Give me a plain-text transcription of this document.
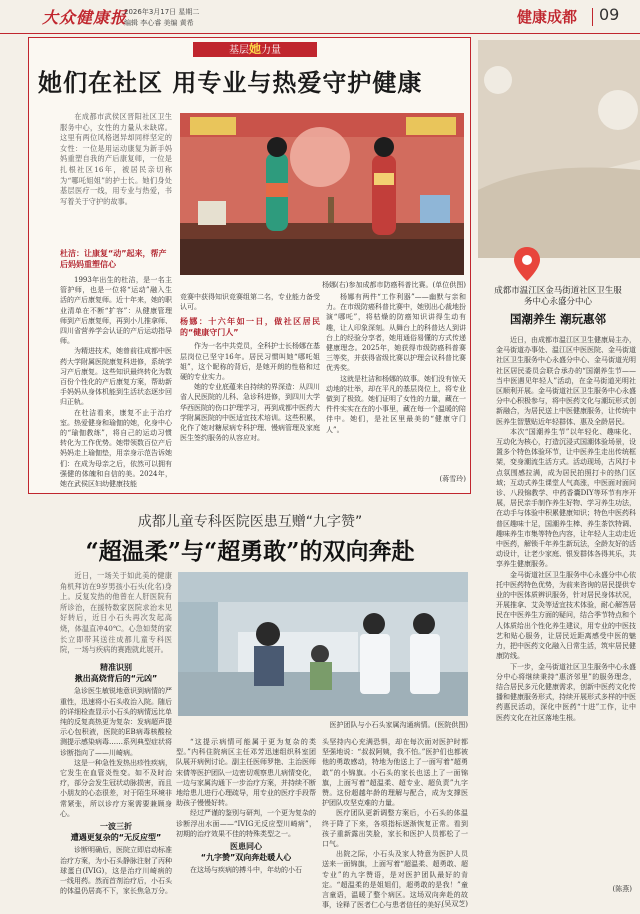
大众健康报
2026年3月17日 星期二
编辑 李心睿 美编 黄希	健康成都 09
基层她力量
她们在社区 用专业与热爱守护健康
在成都市武侯区晋阳社区卫生服务中心，女性的力量从未缺席。这里有两位风格迥异却同样坚定的女性：一位是用运动康复为新手妈妈重塑自我的产后康复师，一位是扎根社区16年，被居民亲切称为“哪吒姐姐”的护士长。她们身处基层医疗一线，用专业与热爱，书写着关于守护的故事。
杨娜(右)参加成都市防癌科普比赛。(单位供图)
杜洁：让康复“动”起来，帮产后妈妈重塑信心

1993年出生的杜洁，是一名主管护师，也是一位将“运动”融入生活的产后康复师。近十年来，她的职业清单在不断“扩容”：从健康管理师到产后康复师，再到小儿推拿师、四川省营养学会认证的产后运动指导师。

为精进技术，她曾前往成都中医药大学附属医院康复科进修，系统学习产后康复。这些知识最终转化为数百份个性化的产后康复方案，帮助新手妈妈从身体机能到生活状态逐步回归正轨。

在杜洁看来，康复不止于治疗室。热爱健身和瑜伽的她，化身中心的“瑜伽教练”，将自己的运动习惯转化为工作优势。她带领数百位产后妈妈走上瑜伽垫，用亲身示范告诉她们：在成为母亲之后，依然可以拥有强健的体魄和自信的美。2024年，她在武侯区妇幼健康技能

竞赛中获得知识竞赛组第二名，专业能力备受认可。

杨娜：十六年如一日，做社区居民的“健康守门人”

作为一名中共党员，全科护士长杨娜在基层岗位已坚守16年。居民习惯叫她“哪吒姐姐”，这个昵称的背后，是她开朗的性格和过硬的专业实力。

她的专业底蕴来自持续的界深造：从四川省人民医院的儿科、急诊科进修，到四川大学华西医院的伤口护理学习，再到成都中医药大学附属医院的中医适宜技术培训。这些积累，化作了她对糖尿病专科护理、慢病管理及家庭医生签约服务的从容应对。

杨娜有两件“工作利器”——幽默与亲和力。在市级防癌科普比赛中，她别出心裁地扮演“哪吒”，将枯燥的防癌知识讲得生动有趣，让人印象深刻。从舞台上的科普达人到讲台上的经验分享者，她用通俗易懂的方式传递健康理念。2025年，她获得市级防癌科普赛三等奖，并获得省级比赛以护理会议科普比赛优秀奖。

这就是杜洁和杨娜的故事。她们没有惊天动地的壮举，却在平凡的基层岗位上，将专业做到了极致。她们证明了女性的力量，藏在一件件实实在在的小事里，藏在每一个温暖的陪伴中。她们，是社区里最美的“健康守门人”。

(蒋雪玲)
成都市温江区金马街道社区卫生服务中心永盛分中心
国潮养生 潮玩惠邻

近日，由成都市温江区卫生健康局主办，金马街道办事处、温江区中医医院、金马街道社区卫生服务中心永盛分中心、金马街道光明社区居民委员会联合承办的“国潮养生节——当中医遇见年轻人”活动，在金马街道光明社区顺利开展。金马街道社区卫生服务中心永盛分中心积极参与，将中医药文化与潮玩形式创新融合，为居民送上中医健康服务，让传统中医养生智慧贴近年轻群体、惠及全龄居民。

本次“国潮养生节”以年轻化、趣味化、互动化为核心，打造沉浸式国潮体验场景，设置多个特色体验环节，让中医养生走出传统框架，变身潮流生活方式。活动现场，古风打卡点氛围感拉满，成为居民拍照打卡的热门区域；互动式养生课堂人气高涨，中医面对面问诊、八段锦教学、中药香囊DIY等环节有序开展，居民亲手制作养生好物、学习养生功法，在动手与体验中积累健康知识；特色中医药科普区趣味十足，国潮养生棒、养生茶饮特调、趣味养生市集等特色内容，让年轻人主动走近中医药，解锁千年养生新玩法，全龄友好的活动设计，让老少家庭、银发群体各得其乐，共享养生健康服务。

金马街道社区卫生服务中心永盛分中心依托中医药特色优势，为前来咨询的居民提供专业的中医体质辨识服务，针对居民身体状况，开展推拿、艾灸等适宜技术体验，耐心解答居民在中医养生方面的疑问，结合季节特点和个人体质给出个性化养生建议，用专业的中医技艺和贴心服务，让居民近距离感受中医的魅力，把中医药文化融入日常生活，筑牢居民健康防线。

下一步，金马街道社区卫生服务中心永盛分中心将继续秉持“惠济邻里”的服务理念，结合居民多元化健康需求，创新中医药文化传播和健康服务形式，持续开展形式多样的中医药惠民活动，深化中医药“十进”工作，让中医药文化在社区落地生根。

(陈燕)
成都儿童专科医院医患互赠“九字赞”
“超温柔”与“超勇敢”的双向奔赴
近日，一场关于如此美的健康角机拜访在9岁男孩小石头(化名)身上。反复发热的他曾在人肝医院有所诊治，在援特数家医院求治未见好转后，近日小石头再次发起高烧，体温直冲40℃。心急如焚的家长立即带其送往成都儿童专科医院，一场与疾病的赛跑就此展开。
医护团队与小石头家属沟通病情。(医院供图)
精准识别
揪出高烧背后的“元凶”

急诊医生敏锐地意识到病情的严重性，迅速将小石头收治入院。随后的详细检查显示小石头的病情远比单纯的反复高热更为复杂：发病超声提示心包积液，医院的EB病毒核酸检测提示感染病毒……系列典型症状将诊断指向了——川崎病。

这是一种急性发热出疹性疾病，它发生在血管炎性变。如不及时治疗，部分会发生冠状动脉损害，而且小朋友的心态很差，对于陌生环境非常紧张，所以诊疗方案需要兼顾身心。

一波三折
遭遇更复杂的“无反应型”

诊断明确后，医院立即启动标准治疗方案，为小石头静脉注射了丙种球蛋白(IVIG)，这是治疗川崎病的一线用药。然而首剂治疗后，小石头的体温仍居高不下，家长焦急万分。

“这提示病情可能属于更为复杂的类型。”内科住院病区主任邓芳迅速组织科室团队展开病例讨论。副主任医师罗艳、主治医师宋倩等医护团队一边密切观察患儿病情变化，一边与家属沟通下一步治疗方案，并持续不断地给患儿进行心理疏导，用专业的医疗手段帮助孩子慢慢好转。

经过严谨的鉴别与研判，一个更为复杂的诊断浮出水面——“IVIG无反应型川崎病”，初期的治疗效果不佳的特殊类型之一。

医患同心
“九字赞”双向奔赴暖人心

在这场与疾病的搏斗中，年幼的小石

头坚持内心充满恐惧，却在每次面对医护时都坚强地说：“叔叔阿姨，我不怕。”医护们也都被他的勇敢感动，特地为他送上了一面写着“超勇敢”的小锦旗。小石头的家长也送上了一面锦旗，上面写着“超温柔、超专业、超负责”九字赞。这份超越年龄的理解与配合，成为支撑医护团队攻坚克难的力量。

医疗团队更新调整方案后，小石头的体温终于降了下来，各项指标逐渐恢复正常。看到孩子重新露出笑脸，家长和医护人员都松了一口气。

出院之际，小石头及家人特意为医护人员送来一面锦旗，上面写着“超温柔、超勇敢、超专业”的九字赞语，是对医护团队最好的肯定。“超温柔的是姐姐们，超勇敢的是我！”童言童语，温暖了整个病区。这场双向奔赴的故事，诠释了医者仁心与患者信任的美好。

(吴双芝)
